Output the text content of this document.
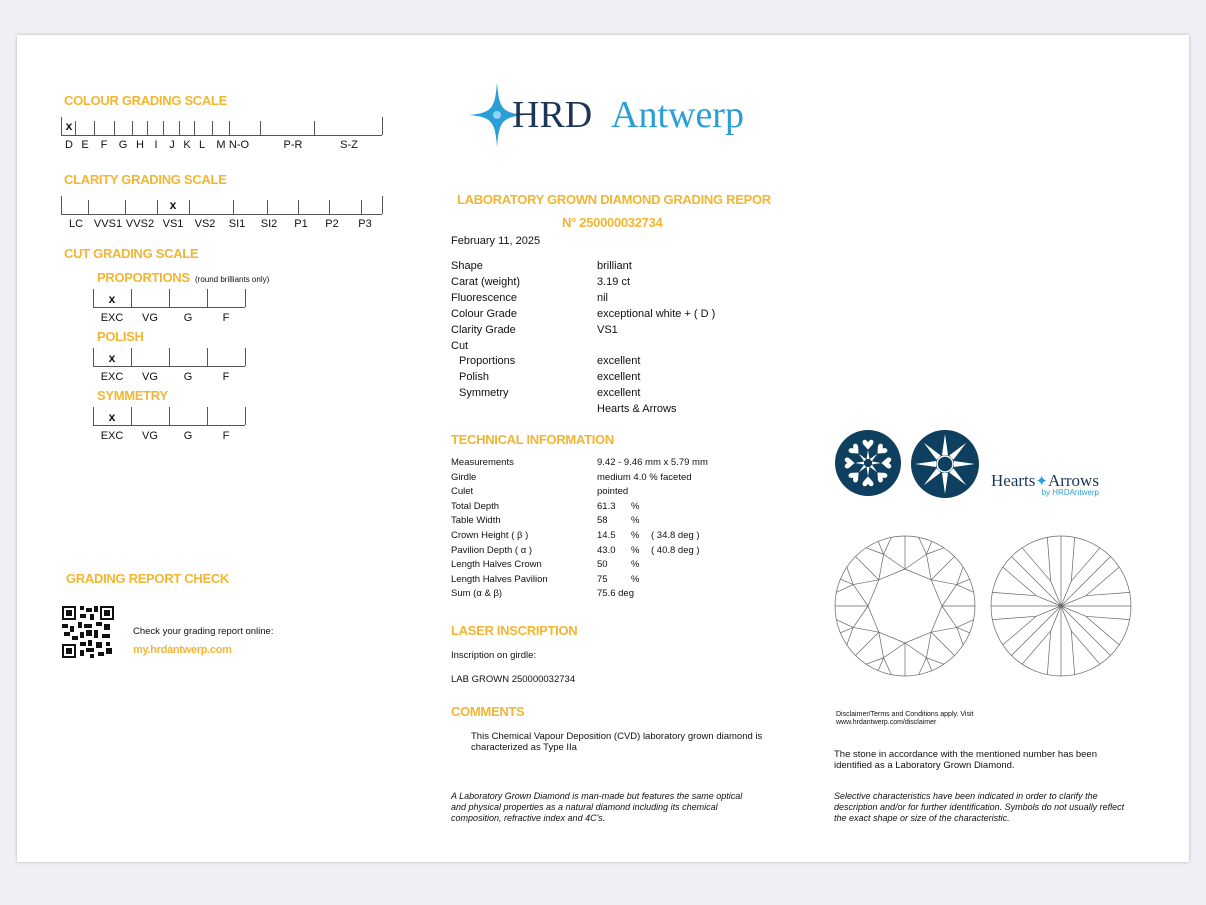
COLOUR GRADING SCALE
CLARITY GRADING SCALE
CUT GRADING SCALE
PROPORTIONS (round brilliants only)
POLISH
SYMMETRY
GRADING REPORT CHECK
Check your grading report online:
my.hrdantwerp.com
HRD Antwerp
LABORATORY GROWN DIAMOND GRADING REPOR
N° 250000032734
February 11, 2025
Shape	brilliant
Carat (weight)	3.19 ct
Fluorescence	nil
Colour Grade	exceptional white + ( D )
Clarity Grade	VS1
Cut
Proportions	excellent
Polish	excellent
Symmetry	excellent
Hearts & Arrows
TECHNICAL INFORMATION
Measurements	9.42 - 9.46 mm x 5.79 mm
Girdle	medium 4.0 % faceted
Culet	pointed
Total Depth	61.3 %
Table Width	58 %
Crown Height ( β )	14.5 % ( 34.8 deg )
Pavilion Depth ( α )	43.0 % ( 40.8 deg )
Length Halves Crown	50 %
Length Halves Pavilion	75 %
Sum (α & β)	75.6 deg
LASER INSCRIPTION
Inscription on girdle:
LAB GROWN 250000032734
COMMENTS
This Chemical Vapour Deposition (CVD) laboratory grown diamond is characterized as Type IIa
A Laboratory Grown Diamond is man-made but features the same optical and physical properties as a natural diamond including its chemical composition, refractive index and 4C's.
Hearts✦Arrows
by HRDAntwerp
Disclaimer/Terms and Conditions apply. Visit
www.hrdantwerp.com/disclaimer
The stone in accordance with the mentioned number has been identified as a Laboratory Grown Diamond.
Selective characteristics have been indicated in order to clarify the description and/or for further identification. Symbols do not usually reflect the exact shape or size of the characteristic.
D E F G H I J K L M N-O	P-R	S-Z
x
LC VVS1 VVS2 VS1 VS2 SI1 SI2 P1 P2 P3
x
EXC VG G	F
x
EXC VG G	F
x
EXC VG G	F
x
